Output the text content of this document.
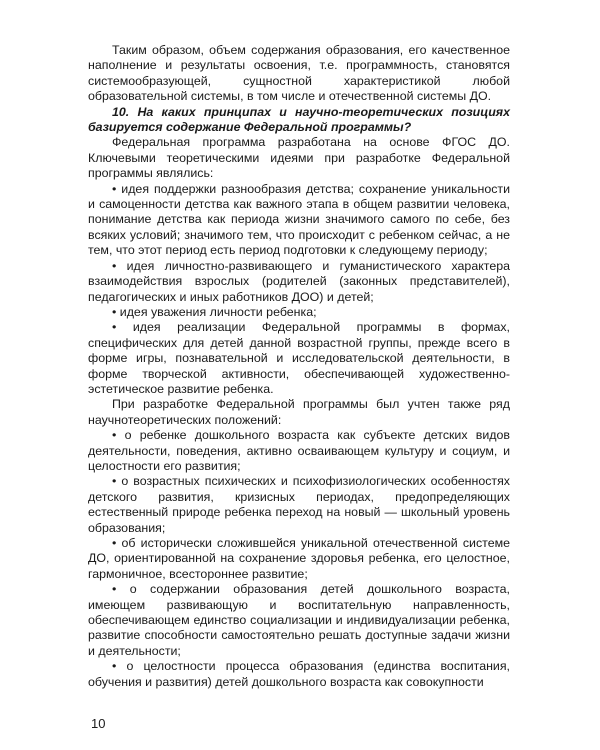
Таким образом, объем содержания образования, его качественное наполнение и результаты освоения, т.е. программность, становятся системообразующей, сущностной характеристикой любой образовательной системы, в том числе и отечественной системы ДО.

10. На каких принципах и научно-теоретических позициях базируется содержание Федеральной программы?

Федеральная программа разработана на основе ФГОС ДО. Ключевыми теоретическими идеями при разработке Федеральной программы являлись:

• идея поддержки разнообразия детства; сохранение уникальности и самоценности детства как важного этапа в общем развитии человека, понимание детства как периода жизни значимого самого по себе, без всяких условий; значимого тем, что происходит с ребенком сейчас, а не тем, что этот период есть период подготовки к следующему периоду;

• идея личностно-развивающего и гуманистического характера взаимодействия взрослых (родителей (законных представителей), педагогических и иных работников ДОО) и детей;

• идея уважения личности ребенка;

• идея реализации Федеральной программы в формах, специфических для детей данной возрастной группы, прежде всего в форме игры, познавательной и исследовательской деятельности, в форме творческой активности, обеспечивающей художественно-эстетическое развитие ребенка.

При разработке Федеральной программы был учтен также ряд научнотеоретических положений:

• о ребенке дошкольного возраста как субъекте детских видов деятельности, поведения, активно осваивающем культуру и социум, и целостности его развития;

• о возрастных психических и психофизиологических особенностях детского развития, кризисных периодах, предопределяющих естественный природе ребенка переход на новый — школьный уровень образования;

• об исторически сложившейся уникальной отечественной системе ДО, ориентированной на сохранение здоровья ребенка, его целостное, гармоничное, всестороннее развитие;

• о содержании образования детей дошкольного возраста, имеющем развивающую и воспитательную направленность, обеспечивающем единство социализации и индивидуализации ребенка, развитие способности самостоятельно решать доступные задачи жизни и деятельности;

• о целостности процесса образования (единства воспитания, обучения и развития) детей дошкольного возраста как совокупности

10
